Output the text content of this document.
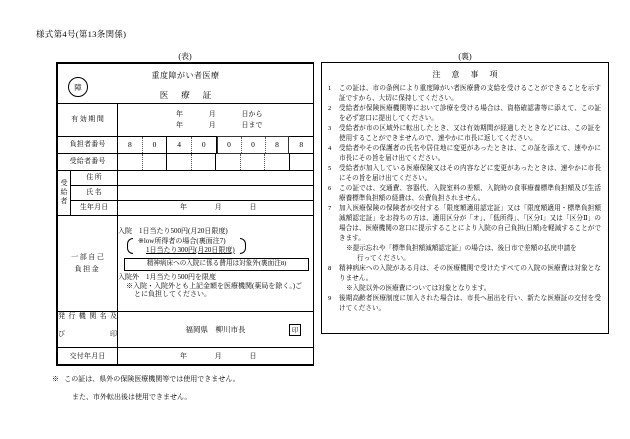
様式第4号(第13条関係)
(表)	(裏)
障
重度障がい者医療
医療証		

有効期間		年 月 日から
年 月 日まで

負担者番号	8	0	4	0	0	0	8	8

受給者番号		

受
給
者	住所	
	氏名	
	生年月日	年 月 日

一部自己
負担金	
入院　1日当たり500円(月20日限度)
※low所得者の場合(裏面注7)
1日当たり300円(月20日限度)
精神病床への入院に係る費用は対象外(裏面注8)
入院外　1月当たり500円を限度
※入院・入院外とも上記金額を医療機関(薬局を除く。)ご
とに負担してください。

発行機関名及
び印		福岡県　柳川市長 印

交付年月日		年 月 日
※ この証は、県外の保険医療機関等では使用できません。
また、市外転出後は使用できません。
注意事項
1	この証は、市の条例により重度障がい者医療費の支給を受けることができることを示す証ですから、大切に保持してください。
2	受給者が保険医療機関等において診療を受ける場合は、資格確認書等に添えて、この証を必ず窓口に提出してください。
3	受給者が市の区域外に転出したとき、又は有効期間が経過したときなどには、この証を使用することができませんので、速やかに市長に返してください。
4	受給者やその保護者の氏名や居住地に変更があったときは、この証を添えて、速やかに市長にその旨を届け出てください。
5	受給者が加入している医療保険又はその内容などに変更があったときは、速やかに市長にその旨を届け出てください。
6	この証では、交通費、容器代、入院室料の差額、入院時の食事療養標準負担額及び生活療養標準負担額の経費は、公費負担されません。
7	加入医療保険の保険者が交付する「限度額適用認定証」又は「限度額適用・標準負担額減額認定証」をお持ちの方は、適用区分が「オ」、「低所得」、「区分Ⅰ」又は「区分Ⅱ」の場合は、医療機関の窓口に提示することにより入院の自己負担(日額)を軽減することができます。
※提示忘れや「標準負担額減額認定証」の場合は、後日市で差額の払戻申請を
行ってください。
8	精神病床への入院がある月は、その医療機関で受けたすべての入院の医療費は対象となりません。
※入院以外の医療費については対象となります。
9	後期高齢者医療制度に加入された場合は、市長へ届出を行い、新たな医療証の交付を受けてください。
